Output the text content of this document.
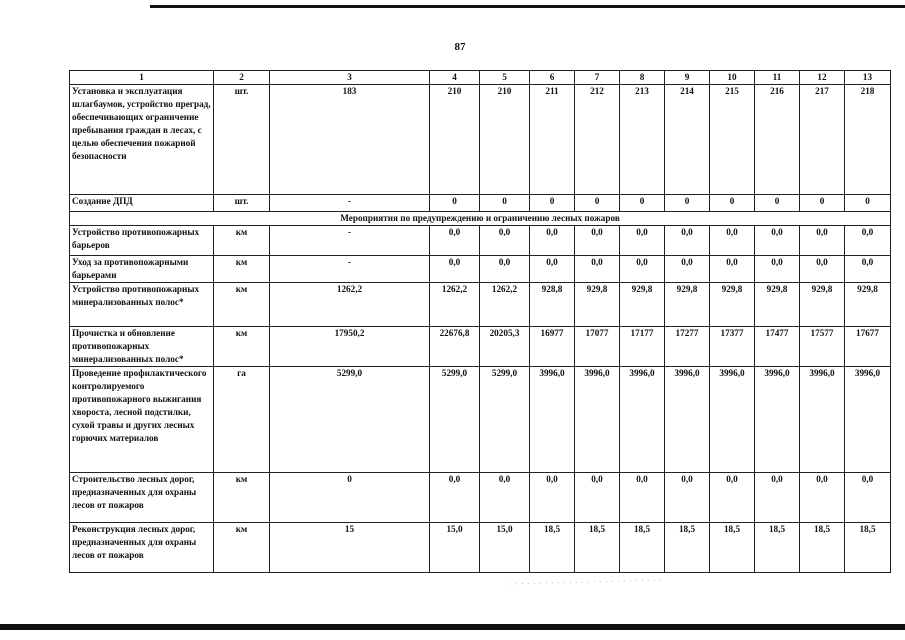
87
1	2	3	4	5	6	7	8	9	10	11	12	13
Установка и эксплуатация шлагбаумов, устройство преград, обеспечивающих ограничение пребывания граждан в лесах, с целью обеспечения пожарной безопасности	шт.	183	210	210	211	212	213	214	215	216	217	218
Создание ДПД	шт.	-	0	0	0	0	0	0	0	0	0	0
Мероприятия по предупреждению и ограничению лесных пожаров												
Устройство противопожарных барьеров	км	-	0,0	0,0	0,0	0,0	0,0	0,0	0,0	0,0	0,0	0,0
Уход за противопожарными барьерами	км	-	0,0	0,0	0,0	0,0	0,0	0,0	0,0	0,0	0,0	0,0
Устройство противопожарных минерализованных полос*	км	1262,2	1262,2	1262,2	928,8	929,8	929,8	929,8	929,8	929,8	929,8	929,8
Прочистка и обновление противопожарных минерализованных полос*	км	17950,2	22676,8	20205,3	16977	17077	17177	17277	17377	17477	17577	17677
Проведение профилактического контролируемого противопожарного выжигания хвороста, лесной подстилки, сухой травы и других лесных горючих материалов	га	5299,0	5299,0	5299,0	3996,0	3996,0	3996,0	3996,0	3996,0	3996,0	3996,0	3996,0
Строительство лесных дорог, предназначенных для охраны лесов от пожаров	км	0	0,0	0,0	0,0	0,0	0,0	0,0	0,0	0,0	0,0	0,0
Реконструкция лесных дорог, предназначенных для охраны лесов от пожаров	км	15	15,0	15,0	18,5	18,5	18,5	18,5	18,5	18,5	18,5	18,5
